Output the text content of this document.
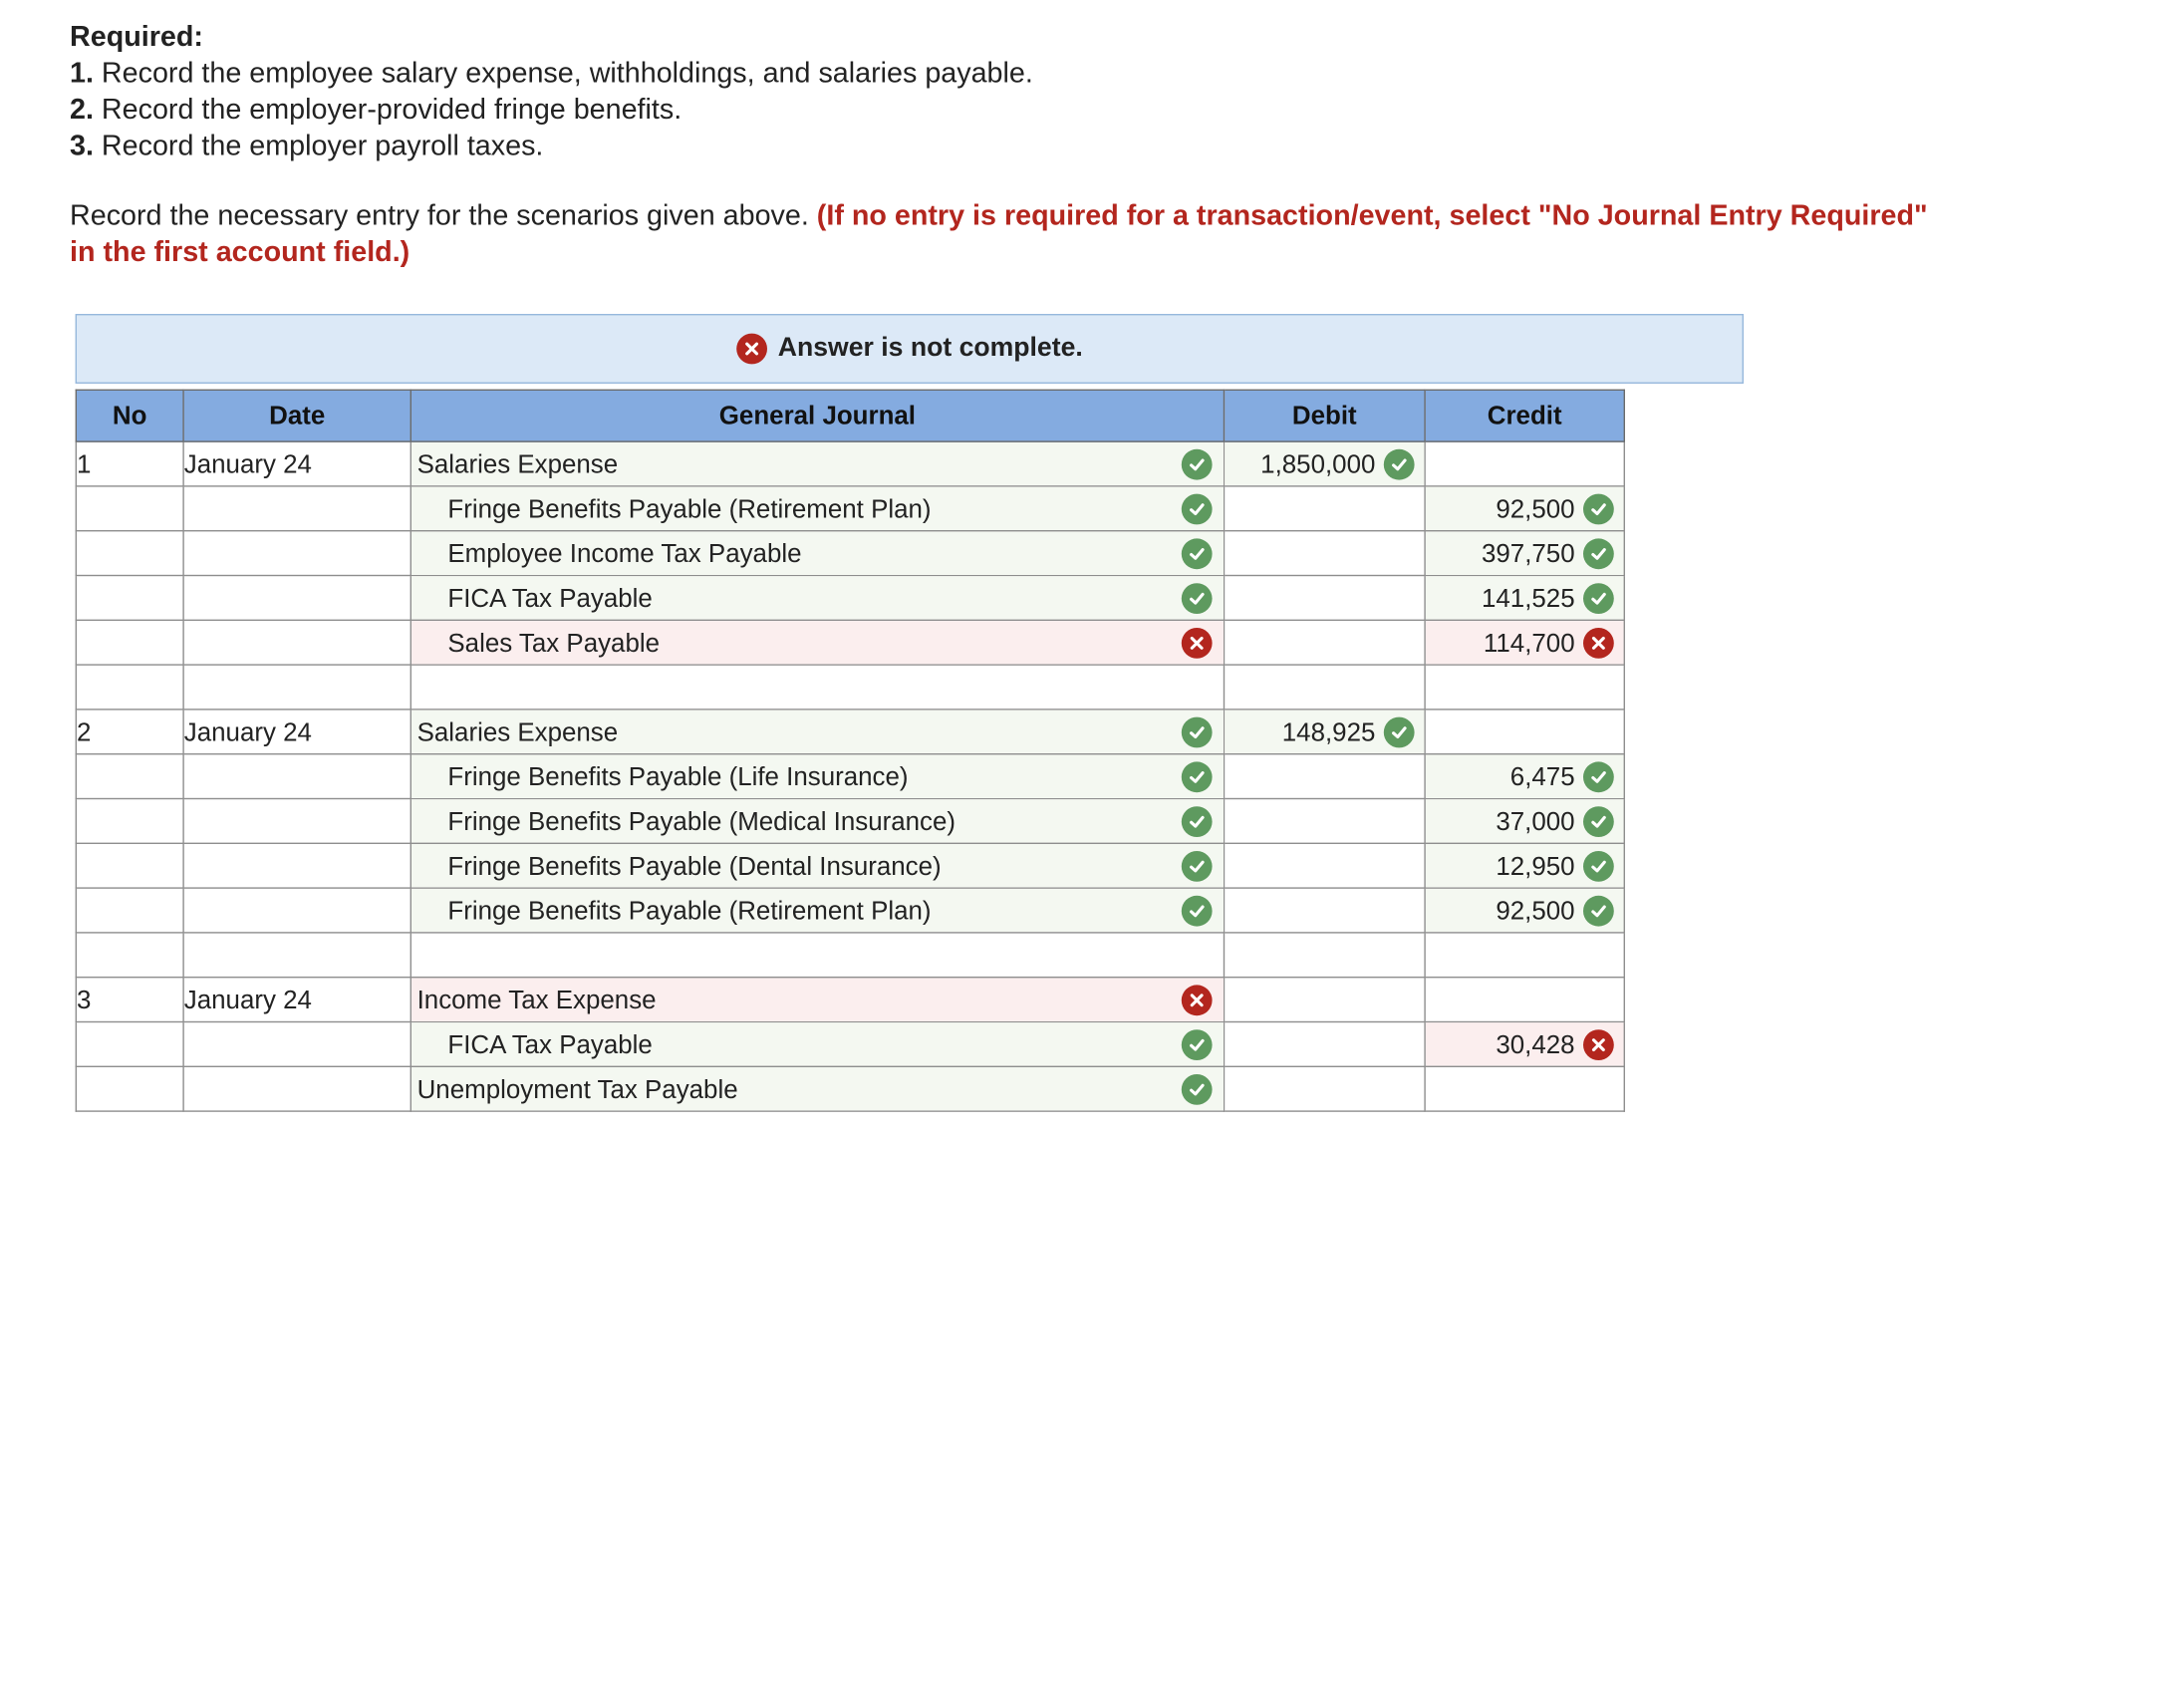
Required:
1. Record the employee salary expense, withholdings, and salaries payable.
2. Record the employer-provided fringe benefits.
3. Record the employer payroll taxes.
Record the necessary entry for the scenarios given above. (If no entry is required for a transaction/event, select "No Journal Entry Required" in the first account field.)
Answer is not complete.
No	Date	General Journal	Debit	Credit
1	January 24	Salaries Expense	1,850,000	

		Fringe Benefits Payable (Retirement Plan)		92,500

		Employee Income Tax Payable		397,750

		FICA Tax Payable		141,525

		Sales Tax Payable		114,700

2	January 24	Salaries Expense	148,925	

		Fringe Benefits Payable (Life Insurance)		6,475

		Fringe Benefits Payable (Medical Insurance)		37,000

		Fringe Benefits Payable (Dental Insurance)		12,950

		Fringe Benefits Payable (Retirement Plan)		92,500

3	January 24	Income Tax Expense		

		FICA Tax Payable		30,428

		Unemployment Tax Payable		
